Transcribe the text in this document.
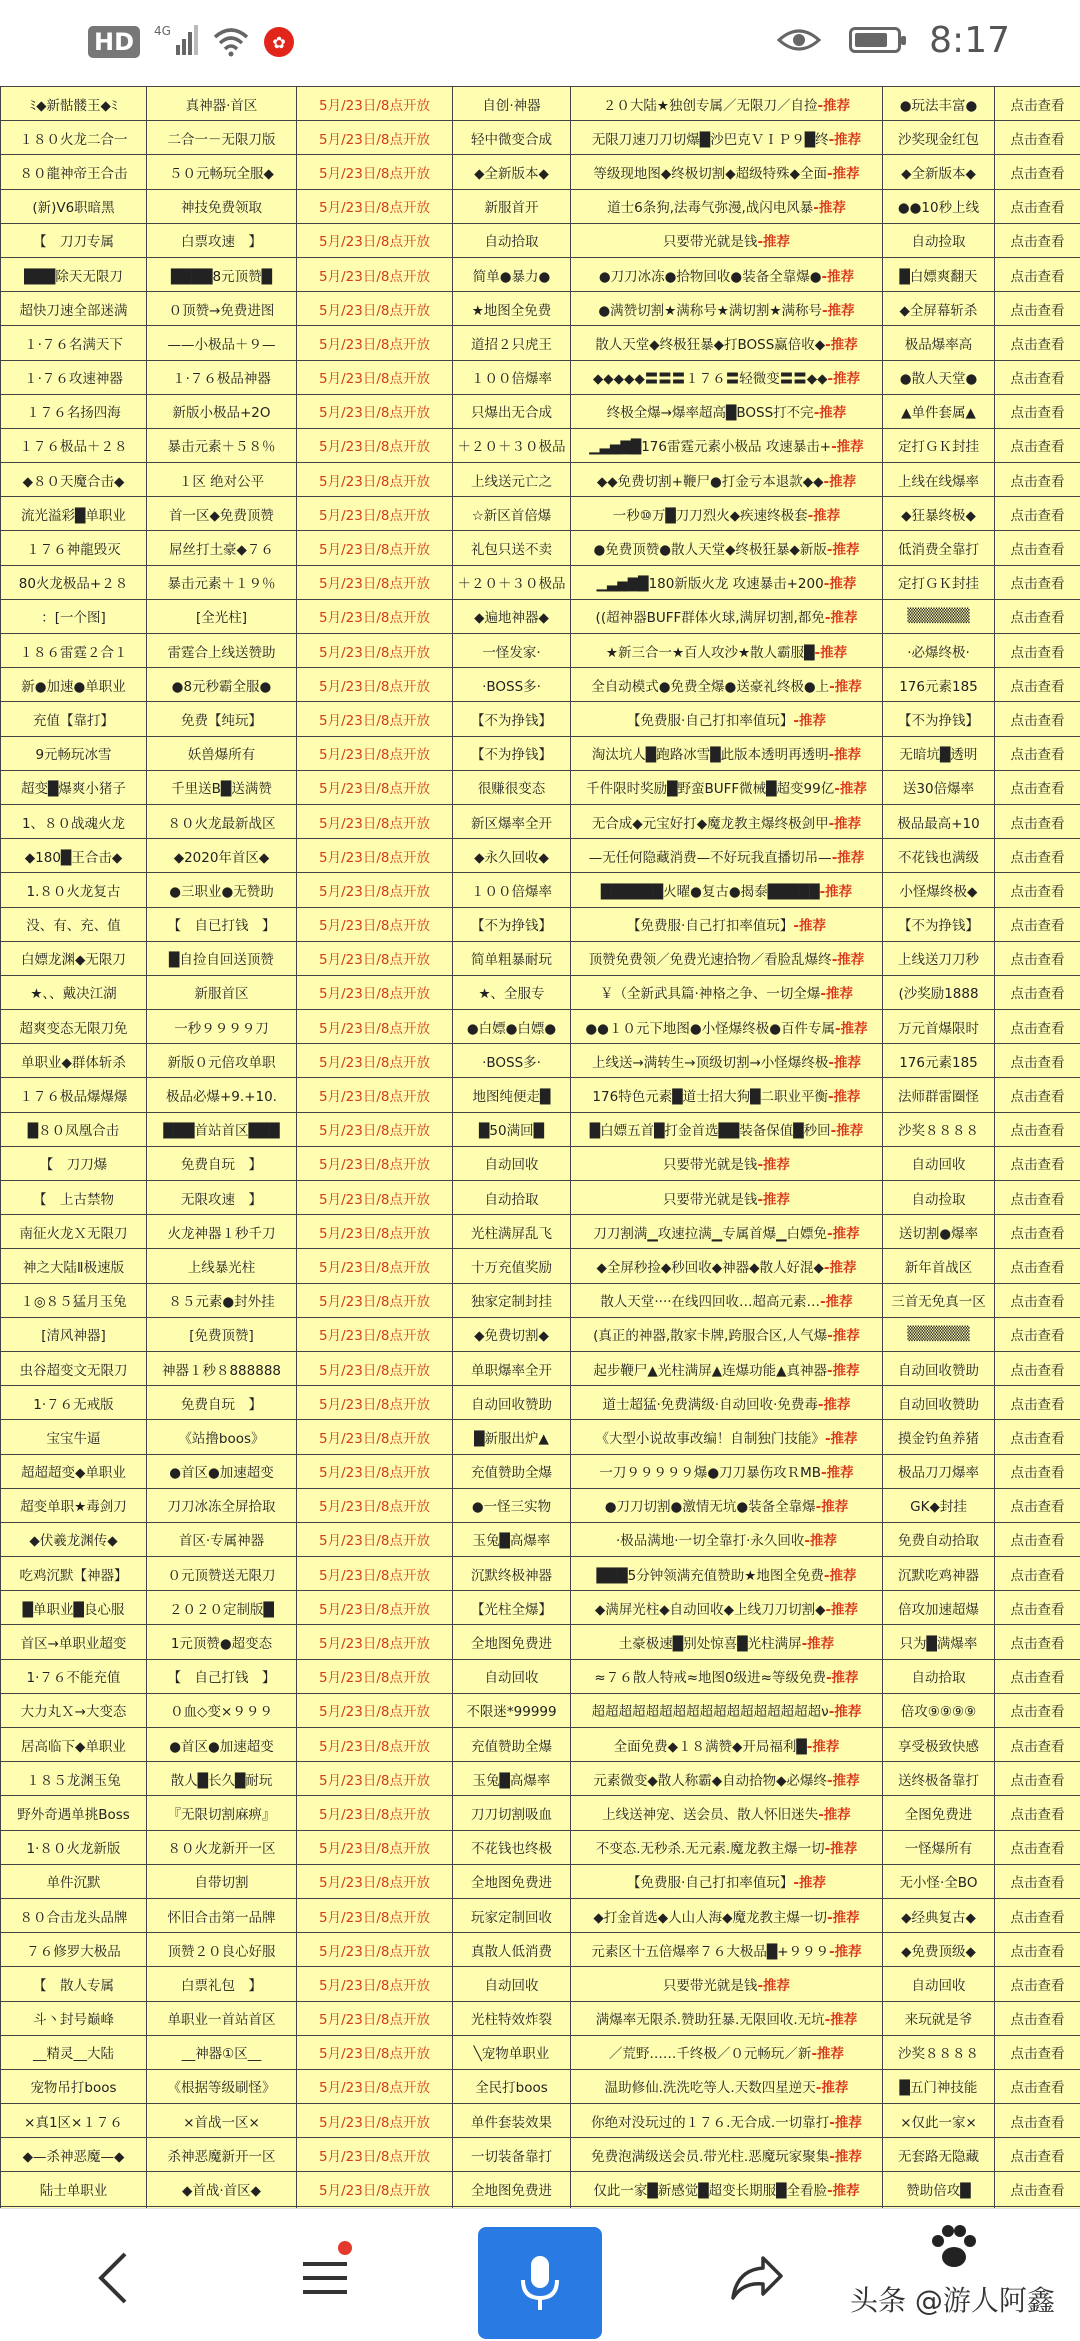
HD	4G
✿	8:17
ﾐ◆新骷髅王◆ﾐ	真神器·首区	5月/23日/8点开放	自创·神器	２０大陆★独创专属／无限刀／自捡-推荐	●玩法丰富●	点击查看
１８０火龙二合一	二合一－无限刀版	5月/23日/8点开放	轻中微变合成	无限刀速刀刀切爆█沙巴克ＶＩＰ９█终-推荐	沙奖现金红包	点击查看
８０龍神帝王合击	５０元畅玩全服◆	5月/23日/8点开放	◆全新版本◆	等级现地图◆终极切割◆超级特殊◆全面-推荐	◆全新版本◆	点击查看
(新)V6职暗黑	神技免费领取	5月/23日/8点开放	新服首开	道士6条狗,法毒气弥漫,战闪电风暴-推荐	●●10秒上线	点击查看
【　刀刀专属	白票攻速　】	5月/23日/8点开放	自动拾取	只要带光就是钱-推荐	自动捡取	点击查看
███除天无限刀	████8元顶赞█	5月/23日/8点开放	简单●暴力●	●刀刀冰冻●拾物回收●装备全靠爆●-推荐	█白嫖爽翻天	点击查看
超快刀速全部迷满	０顶赞→免费进图	5月/23日/8点开放	★地图全免费	●满赞切割★满称号★满切割★满称号-推荐	◆全屏幕斩杀	点击查看
１·７６名满天下	——小极品＋９—	5月/23日/8点开放	道招２只虎王	散人天堂◆终极狂暴◆打BOSS赢倍收◆-推荐	极品爆率高	点击查看
１·７６攻速神器	１·７６极品神器	5月/23日/8点开放	１００倍爆率	◆◆◆◆◆〓〓〓１７６〓轻微变〓〓◆◆-推荐	●散人天堂●	点击查看
１７６名扬四海	新版小极品+2O	5月/23日/8点开放	只爆出无合成	终极全爆→爆率超高█BOSS打不完-推荐	▲单件套属▲	点击查看
１７６极品＋２８	暴击元素＋５８％	5月/23日/8点开放	＋２０＋３０极品	▁▃▅▇█176雷霆元素小极品 攻速暴击+-推荐	定打ＧＫ封挂	点击查看
◆８０天魔合击◆	１区 绝对公平	5月/23日/8点开放	上线送元亡之	◆◆免费切割+鞭尸●打金亏本退款◆◆-推荐	上线在线爆率	点击查看
流光溢彩█单职业	首一区◆免费顶赞	5月/23日/8点开放	☆新区首倍爆	一秒⑩万█刀刀烈火◆疾速终极套-推荐	◆狂暴终极◆	点击查看
１７６神龍毁灭	屌丝打土豪◆７６	5月/23日/8点开放	礼包只送不卖	●免费顶赞●散人天堂◆终极狂暴◆新版-推荐	低消费全靠打	点击查看
80火龙极品+２８	暴击元素＋１９％	5月/23日/8点开放	＋２０＋３０极品	▁▃▅▇█180新版火龙 攻速暴击+200-推荐	定打ＧＫ封挂	点击查看
：[一个图]	[全光柱]	5月/23日/8点开放	◆遍地神器◆	((超神器BUFF群体火球,满屏切割,都免-推荐	▒▒▒▒▒▒	点击查看
１８６雷霆２合１	雷霆合上线送赞助	5月/23日/8点开放	一怪发家·	★新三合一★百人攻沙★散人霸服█-推荐	·必爆终极·	点击查看
新●加速●单职业	●8元秒霸全服●	5月/23日/8点开放	·BOSS多·	全自动模式●免费全爆●送豪礼终极●上-推荐	176元素185	点击查看
充值【靠打】	免费【纯玩】	5月/23日/8点开放	【不为挣钱】	【免费服·自己打扣率值玩】-推荐	【不为挣钱】	点击查看
9元畅玩冰雪	妖兽爆所有	5月/23日/8点开放	【不为挣钱】	淘汰坑人█跑路冰雪█此版本透明再透明-推荐	无暗坑█透明	点击查看
超变█爆爽小猪子	千里送B█送满赞	5月/23日/8点开放	很赚很变态	千件限时奖励█野蛮BUFF微械█超变99亿-推荐	送30倍爆率	点击查看
1、８０战魂火龙	８０火龙最新战区	5月/23日/8点开放	新区爆率全开	无合成◆元宝好打◆魔龙教主爆终极剑甲-推荐	极品最高+10	点击查看
◆180█王合击◆	◆2020年首区◆	5月/23日/8点开放	◆永久回收◆	—无任何隐藏消费—不好玩我直播切吊—-推荐	不花钱也满级	点击查看
1.８０火龙复古	●三职业●无赞助	5月/23日/8点开放	１００倍爆率	██████火曜●复古●揭泰█████-推荐	小怪爆终极◆	点击查看
没、有、充、值	【　自已打钱　】	5月/23日/8点开放	【不为挣钱】	【免费服·自己打扣率值玩】-推荐	【不为挣钱】	点击查看
白嫖龙渊◆无限刀	█自捡自回送顶赞	5月/23日/8点开放	简单粗暴耐玩	顶赞免费领／免费光速拾物／看脸乱爆终-推荐	上线送刀刀秒	点击查看
★、、戴决江湖	新服首区	5月/23日/8点开放	★、全服专	￥（全新武具篇·神格之争、一切全爆-推荐	(沙奖励1888	点击查看
超爽变态无限刀免	一秒９９９９刀	5月/23日/8点开放	●白嫖●白嫖●	●●１０元下地图●小怪爆终极●百件专属-推荐	万元首爆限时	点击查看
单职业◆群体斩杀	新版０元倍攻单职	5月/23日/8点开放	·BOSS多·	上线送→满转生→顶级切割→小怪爆终极-推荐	176元素185	点击查看
１７６极品爆爆爆	极品必爆+9.+10.	5月/23日/8点开放	地图纯便走█	176特色元素█道士招大狗█二职业平衡-推荐	法师群雷圈怪	点击查看
█８０凤凰合击	███首站首区███	5月/23日/8点开放	█50满回█	█白嫖五首█打金首选██装备保值█秒回-推荐	沙奖８８８８	点击查看
【　刀刀爆	免费自玩　】	5月/23日/8点开放	自动回收	只要带光就是钱-推荐	自动回收	点击查看
【　上古禁物	无限攻速　】	5月/23日/8点开放	自动拾取	只要带光就是钱-推荐	自动捡取	点击查看
南征火龙Ｘ无限刀	火龙神器１秒千刀	5月/23日/8点开放	光柱满屏乱飞	刀刀割满▁攻速拉满▁专属首爆▁白嫖免-推荐	送切割●爆率	点击查看
神之大陆Ⅱ极速版	上线暴光柱	5月/23日/8点开放	十万充值奖励	◆全屏秒捡◆秒回收◆神器◆散人好混◆-推荐	新年首战区	点击查看
１◎８５猛月玉兔	８５元素●封外挂	5月/23日/8点开放	独家定制封挂	散人天堂····在线四回收…超高元素…-推荐	三首无免真一区	点击查看
[清风神器]	[免费顶赞]	5月/23日/8点开放	◆免费切割◆	(真正的神器,散家卡牌,跨服合区,人气爆-推荐	▒▒▒▒▒▒	点击查看
虫谷超变文无限刀	神器１秒８888888	5月/23日/8点开放	单职爆率全开	起步鞭尸▲光柱满屏▲连爆功能▲真神器-推荐	自动回收赞助	点击查看
1·７６无戒版	免费自玩　】	5月/23日/8点开放	自动回收赞助	道士超猛·免费满级·自动回收·免费毒-推荐	自动回收赞助	点击查看
宝宝牛逼	《站撸boos》	5月/23日/8点开放	█新服出炉▲	《大型小说故事改编！自制独门技能》-推荐	摸金钓鱼养猪	点击查看
超超超变◆单职业	●首区●加速超变	5月/23日/8点开放	充值赞助全爆	一刀９９９９９爆●刀刀暴伤攻ＲMB-推荐	极品刀刀爆率	点击查看
超变单职★毒剑刀	刀刀冰冻全屏拾取	5月/23日/8点开放	●一怪三实物	●刀刀切割●激情无坑●装备全靠爆-推荐	GK◆封挂	点击查看
◆伏羲龙渊传◆	首区·专属神器	5月/23日/8点开放	玉兔█高爆率	·极品满地·一切全靠打·永久回收-推荐	免费自动拾取	点击查看
吃鸡沉默【神器】	０元顶赞送无限刀	5月/23日/8点开放	沉默终极神器	███5分钟领满充值赞助★地图全免费-推荐	沉默吃鸡神器	点击查看
█单职业█良心服	２０２０定制版█	5月/23日/8点开放	【光柱全爆】	◆满屏光柱◆自动回收◆上线刀刀切割◆-推荐	倍攻加速超爆	点击查看
首区→单职业超变	1元顶赞●超变态	5月/23日/8点开放	全地图免费进	土豪极速█别处惊喜█光柱满屏-推荐	只为█满爆率	点击查看
1·７６不能充值	【　自己打钱　】	5月/23日/8点开放	自动回收	≈７６散人特戒≈地图0级进≈等级免费-推荐	自动拾取	点击查看
大力丸Ｘ→大变态	０血◇变×９９９	5月/23日/8点开放	不限迷*99999	超超超超超超超超超超超超超超超超超ν-推荐	倍攻⑨⑨⑨⑨	点击查看
居高临下◆单职业	●首区●加速超变	5月/23日/8点开放	充值赞助全爆	全面免费◆１８满赞◆开局福利█-推荐	享受极致快感	点击查看
１８５龙渊玉兔	散人█长久█耐玩	5月/23日/8点开放	玉兔█高爆率	元素微变◆散人称霸◆自动拾物◆必爆终-推荐	送终极备靠打	点击查看
野外奇遇单挑Boss	『无限切割麻痹』	5月/23日/8点开放	刀刀切割吸血	上线送神宠、送会员、散人怀旧迷失-推荐	全图免费进	点击查看
1·８０火龙新版	８０火龙新开一区	5月/23日/8点开放	不花钱也终极	不变态.无秒杀.无元素.魔龙教主爆一切-推荐	一怪爆所有	点击查看
单件沉默	自带切割	5月/23日/8点开放	全地图免费进	【免费服·自己打扣率值玩】-推荐	无小怪·全BO	点击查看
８０合击龙头品牌	怀旧合击第一品牌	5月/23日/8点开放	玩家定制回收	◆打金首选◆人山人海◆魔龙教主爆一切-推荐	◆经典复古◆	点击查看
７６修罗大极品	顶赞２０良心好服	5月/23日/8点开放	真散人低消费	元素区十五倍爆率７６大极品█+９９９-推荐	◆免费顶级◆	点击查看
【　散人专属	白票礼包　】	5月/23日/8点开放	自动回收	只要带光就是钱-推荐	自动回收	点击查看
斗丶封号巅峰	单职业一首站首区	5月/23日/8点开放	光柱特效炸裂	满爆率无限杀.赞助狂暴.无限回收.无坑-推荐	来玩就是爷	点击查看
__精灵__大陆	__神器①区__	5月/23日/8点开放	╲宠物单职业	／荒野……千终极／０元畅玩／新-推荐	沙奖８８８８	点击查看
宠物吊打boos	《根据等级刷怪》	5月/23日/8点开放	全民打boos	温助修仙.洗洗吃等人.天数四星逆天-推荐	█五门神技能	点击查看
×真1区×１７６	×首战一区×	5月/23日/8点开放	单件套装效果	你绝对没玩过的１７６.无合成.一切靠打-推荐	×仅此一家×	点击查看
◆—杀神恶魔—◆	杀神恶魔新开一区	5月/23日/8点开放	一切装备靠打	免费泡满级送会员.带光柱.恶魔玩家聚集-推荐	无套路无隐藏	点击查看
陆士单职业	◆首战·首区◆	5月/23日/8点开放	全地图免费进	仅此一家█新感觉█超变长期服█全看脸-推荐	赞助倍攻█	点击查看

头条 @游人阿鑫
